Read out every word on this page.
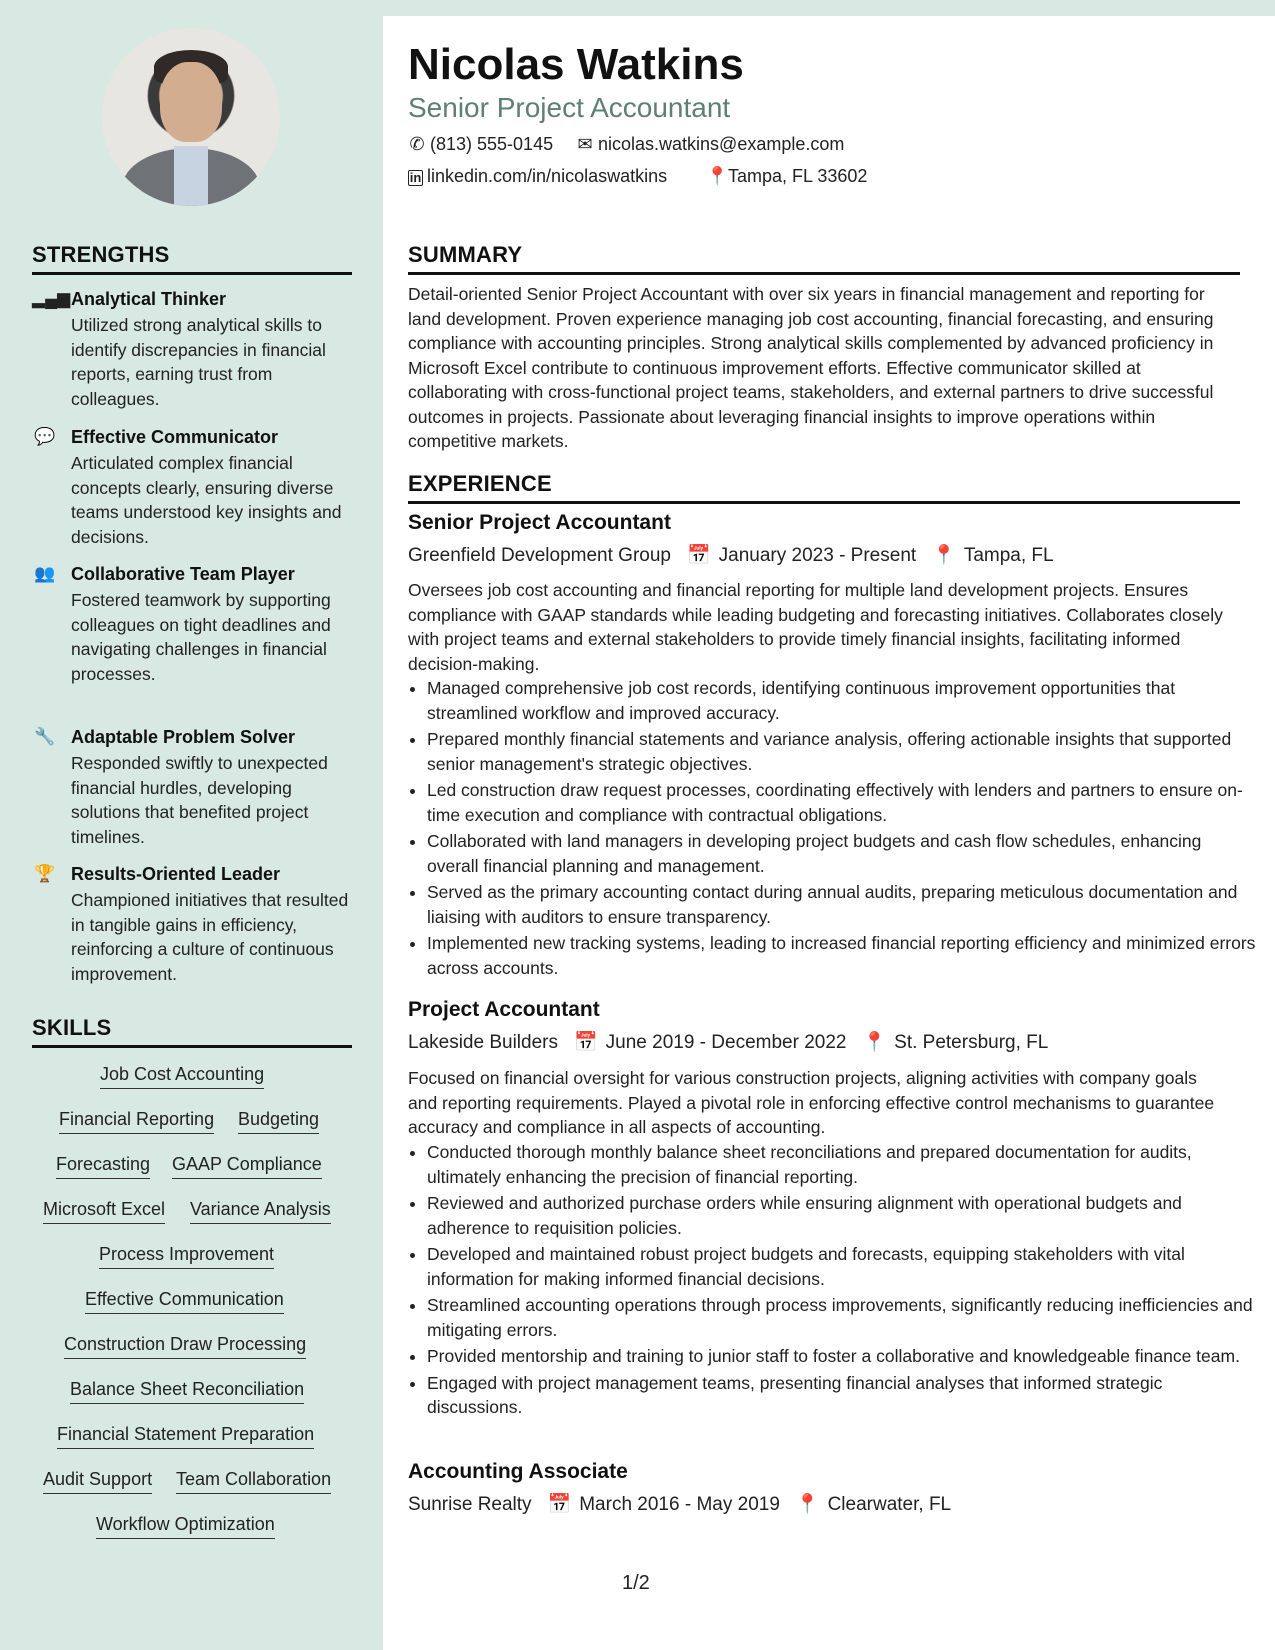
STRENGTHS
▂▄▆ Analytical Thinker
Utilized strong analytical skills to identify discrepancies in financial reports, earning trust from colleagues.
💬 Effective Communicator
Articulated complex financial concepts clearly, ensuring diverse teams understood key insights and decisions.
👥 Collaborative Team Player
Fostered teamwork by supporting colleagues on tight deadlines and navigating challenges in financial processes.
🔧 Adaptable Problem Solver
Responded swiftly to unexpected financial hurdles, developing solutions that benefited project timelines.
🏆 Results-Oriented Leader
Championed initiatives that resulted in tangible gains in efficiency, reinforcing a culture of continuous improvement.
SKILLS
Job Cost Accounting
Financial Reporting Budgeting
Forecasting GAAP Compliance
Microsoft Excel Variance Analysis
Process Improvement
Effective Communication
Construction Draw Processing
Balance Sheet Reconciliation
Financial Statement Preparation
Audit Support Team Collaboration
Workflow Optimization
Nicolas Watkins
Senior Project Accountant
✆ (813) 555-0145 ✉ nicolas.watkins@example.com
in linkedin.com/in/nicolaswatkins 📍Tampa, FL 33602
SUMMARY
Detail-oriented Senior Project Accountant with over six years in financial management and reporting for land development. Proven experience managing job cost accounting, financial forecasting, and ensuring compliance with accounting principles. Strong analytical skills complemented by advanced proficiency in Microsoft Excel contribute to continuous improvement efforts. Effective communicator skilled at collaborating with cross-functional project teams, stakeholders, and external partners to drive successful outcomes in projects. Passionate about leveraging financial insights to improve operations within competitive markets.
EXPERIENCE
Senior Project Accountant
Greenfield Development Group 📅 January 2023 - Present 📍 Tampa, FL
Oversees job cost accounting and financial reporting for multiple land development projects. Ensures compliance with GAAP standards while leading budgeting and forecasting initiatives. Collaborates closely with project teams and external stakeholders to provide timely financial insights, facilitating informed decision-making.
• Managed comprehensive job cost records, identifying continuous improvement opportunities that streamlined workflow and improved accuracy.
• Prepared monthly financial statements and variance analysis, offering actionable insights that supported senior management's strategic objectives.
• Led construction draw request processes, coordinating effectively with lenders and partners to ensure on-time execution and compliance with contractual obligations.
• Collaborated with land managers in developing project budgets and cash flow schedules, enhancing overall financial planning and management.
• Served as the primary accounting contact during annual audits, preparing meticulous documentation and liaising with auditors to ensure transparency.
• Implemented new tracking systems, leading to increased financial reporting efficiency and minimized errors across accounts.
Project Accountant
Lakeside Builders 📅 June 2019 - December 2022 📍 St. Petersburg, FL
Focused on financial oversight for various construction projects, aligning activities with company goals and reporting requirements. Played a pivotal role in enforcing effective control mechanisms to guarantee accuracy and compliance in all aspects of accounting.
• Conducted thorough monthly balance sheet reconciliations and prepared documentation for audits, ultimately enhancing the precision of financial reporting.
• Reviewed and authorized purchase orders while ensuring alignment with operational budgets and adherence to requisition policies.
• Developed and maintained robust project budgets and forecasts, equipping stakeholders with vital information for making informed financial decisions.
• Streamlined accounting operations through process improvements, significantly reducing inefficiencies and mitigating errors.
• Provided mentorship and training to junior staff to foster a collaborative and knowledgeable finance team.
• Engaged with project management teams, presenting financial analyses that informed strategic discussions.
Accounting Associate
Sunrise Realty 📅 March 2016 - May 2019 📍 Clearwater, FL
1/2
